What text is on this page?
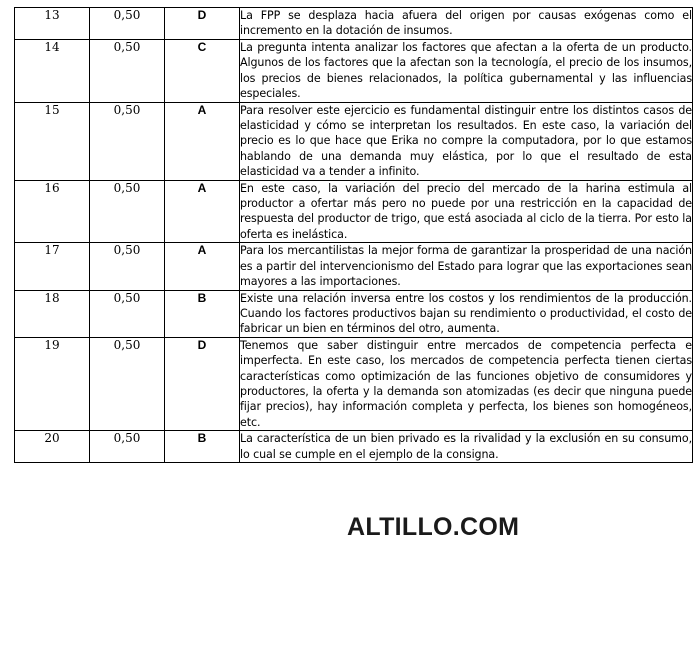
13	0,50	D	La FPP se desplaza hacia afuera del origen por causas exógenas como el incremento en la dotación de insumos.
14	0,50	C	La pregunta intenta analizar los factores que afectan a la oferta de un producto. Algunos de los factores que la afectan son la tecnología, el precio de los insumos, los precios de bienes relacionados, la política gubernamental y las influencias especiales.
15	0,50	A	Para resolver este ejercicio es fundamental distinguir entre los distintos casos de elasticidad y cómo se interpretan los resultados. En este caso, la variación del precio es lo que hace que Erika no compre la computadora, por lo que estamos hablando de una demanda muy elástica, por lo que el resultado de esta elasticidad va a tender a infinito.
16	0,50	A	En este caso, la variación del precio del mercado de la harina estimula al productor a ofertar más pero no puede por una restricción en la capacidad de respuesta del productor de trigo, que está asociada al ciclo de la tierra. Por esto la oferta es inelástica.
17	0,50	A	Para los mercantilistas la mejor forma de garantizar la prosperidad de una nación es a partir del intervencionismo del Estado para lograr que las exportaciones sean mayores a las importaciones.
18	0,50	B	Existe una relación inversa entre los costos y los rendimientos de la producción. Cuando los factores productivos bajan su rendimiento o productividad, el costo de fabricar un bien en términos del otro, aumenta.
19	0,50	D	Tenemos que saber distinguir entre mercados de competencia perfecta e imperfecta. En este caso, los mercados de competencia perfecta tienen ciertas características como optimización de las funciones objetivo de consumidores y productores, la oferta y la demanda son atomizadas (es decir que ninguna puede fijar precios), hay información completa y perfecta, los bienes son homogéneos, etc.
20	0,50	B	La característica de un bien privado es la rivalidad y la exclusión en su consumo, lo cual se cumple en el ejemplo de la consigna.
ALTILLO.COM
